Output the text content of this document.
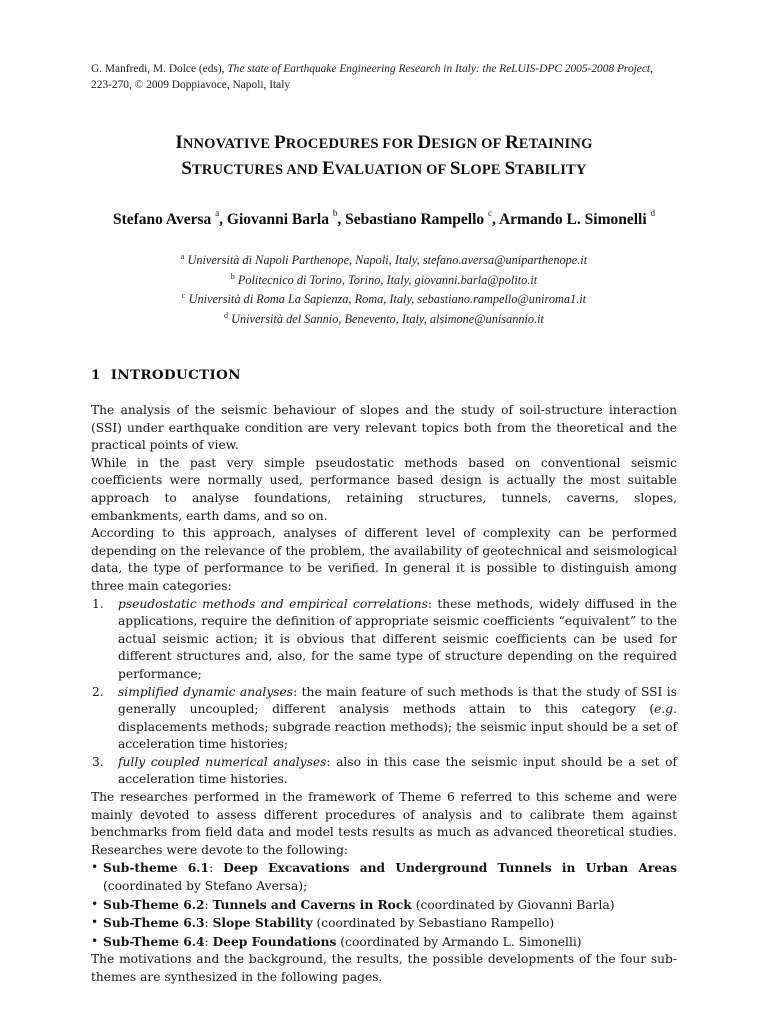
G. Manfredi, M. Dolce (eds), The state of Earthquake Engineering Research in Italy: the ReLUIS-DPC 2005-2008 Project,
223-270, © 2009 Doppiavoce, Napoli, Italy
INNOVATIVE PROCEDURES FOR DESIGN OF RETAINING
STRUCTURES AND EVALUATION OF SLOPE STABILITY
Stefano Aversa $^a$, Giovanni Barla $^b$, Sebastiano Rampello $^c$, Armando L. Simonelli $^d$
$^a$ Università di Napoli Parthenope, Napoli, Italy, stefano.aversa@uniparthenope.it
$^b$ Politecnico di Torino, Torino, Italy, giovanni.barla@polito.it
$^c$ Università di Roma La Sapienza, Roma, Italy, sebastiano.rampello@uniroma1.it
$^d$ Università del Sannio, Benevento, Italy, alsimone@unisannio.it
1 INTRODUCTION

The analysis of the seismic behaviour of slopes and the study of soil-structure interaction (SSI) under earthquake condition are very relevant topics both from the theoretical and the practical points of view.

While in the past very simple pseudostatic methods based on conventional seismic coefficients were normally used, performance based design is actually the most suitable approach to analyse foundations, retaining structures, tunnels, caverns, slopes, embankments, earth dams, and so on.

According to this approach, analyses of different level of complexity can be performed depending on the relevance of the problem, the availability of geotechnical and seismological data, the type of performance to be verified. In general it is possible to distinguish among three main categories:

1. pseudostatic methods and empirical correlations: these methods, widely diffused in the applications, require the definition of appropriate seismic coefficients “equivalent” to the actual seismic action; it is obvious that different seismic coefficients can be used for different structures and, also, for the same type of structure depending on the required performance;
2. simplified dynamic analyses: the main feature of such methods is that the study of SSI is generally uncoupled; different analysis methods attain to this category (e.g. displacements methods; subgrade reaction methods); the seismic input should be a set of acceleration time histories;
3. fully coupled numerical analyses: also in this case the seismic input should be a set of acceleration time histories.

The researches performed in the framework of Theme 6 referred to this scheme and were mainly devoted to assess different procedures of analysis and to calibrate them against benchmarks from field data and model tests results as much as advanced theoretical studies. Researches were devote to the following:

• Sub-theme 6.1: Deep Excavations and Underground Tunnels in Urban Areas (coordinated by Stefano Aversa);
• Sub-Theme 6.2: Tunnels and Caverns in Rock (coordinated by Giovanni Barla)
• Sub-Theme 6.3: Slope Stability (coordinated by Sebastiano Rampello)
• Sub-Theme 6.4: Deep Foundations (coordinated by Armando L. Simonelli)

The motivations and the background, the results, the possible developments of the four sub-themes are synthesized in the following pages.
